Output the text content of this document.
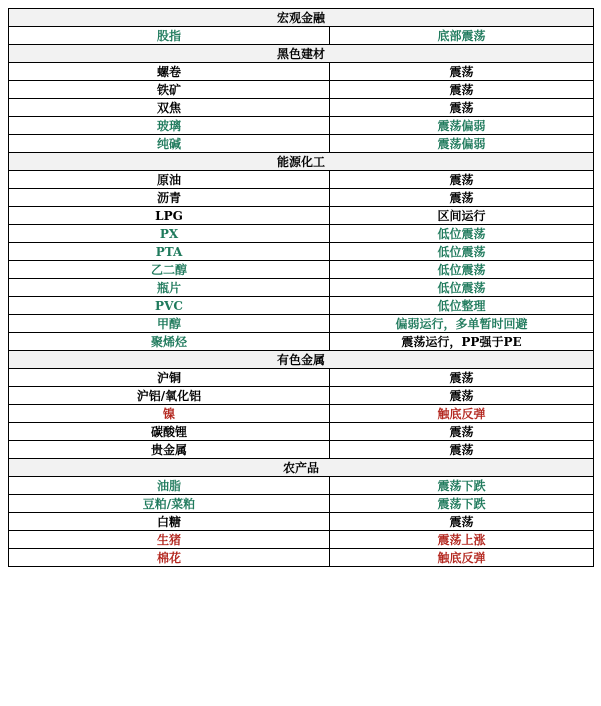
宏观金融	
股指	底部震荡
黑色建材	
螺卷	震荡
铁矿	震荡
双焦	震荡
玻璃	震荡偏弱
纯碱	震荡偏弱
能源化工	
原油	震荡
沥青	震荡
LPG	区间运行
PX	低位震荡
PTA	低位震荡
乙二醇	低位震荡
瓶片	低位震荡
PVC	低位整理
甲醇	偏弱运行，多单暂时回避
聚烯烃	震荡运行，PP强于PE
有色金属	
沪铜	震荡
沪铝/氧化铝	震荡
镍	触底反弹
碳酸锂	震荡
贵金属	震荡
农产品	
油脂	震荡下跌
豆粕/菜粕	震荡下跌
白糖	震荡
生猪	震荡上涨
棉花	触底反弹
